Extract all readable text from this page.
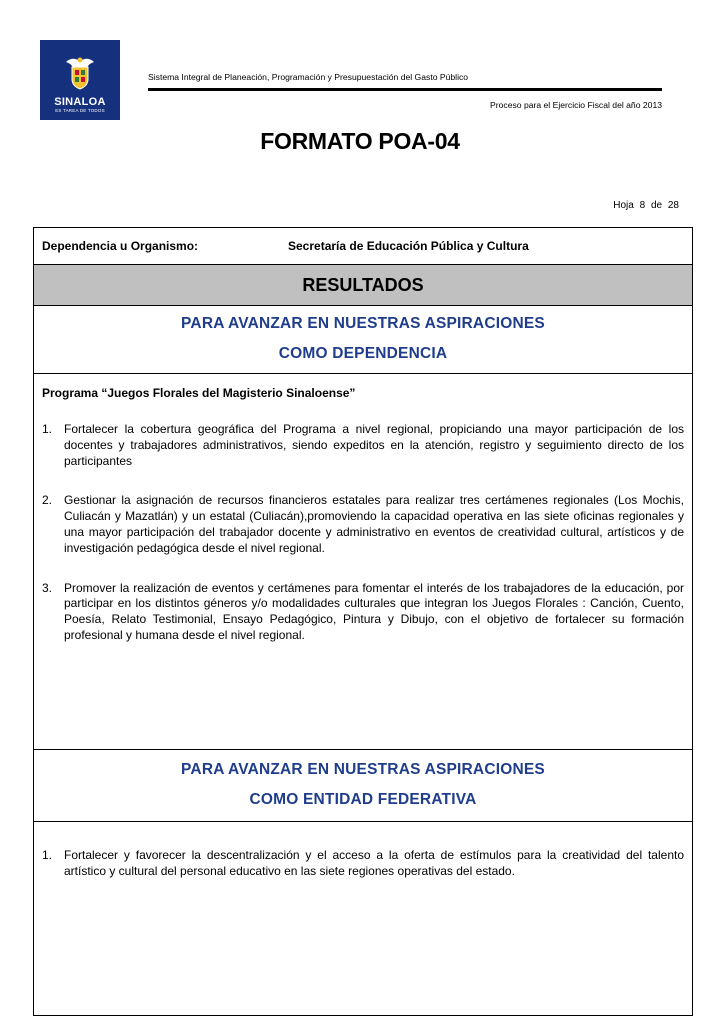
SINALOA
ES TAREA DE TODOS
Sistema Integral de Planeación, Programación y Presupuestación del Gasto Público
Proceso para el Ejercicio Fiscal del año 2013
FORMATO POA-04
Hoja 8 de 28
Dependencia u Organismo:	Secretaría de Educación Pública y Cultura
RESULTADOS
PARA AVANZAR EN NUESTRAS ASPIRACIONES
COMO DEPENDENCIA
Programa “Juegos Florales del Magisterio Sinaloense”
1. Fortalecer la cobertura geográfica del Programa a nivel regional, propiciando una mayor participación de los docentes y trabajadores administrativos, siendo expeditos en la atención, registro y seguimiento directo de los participantes
2. Gestionar la asignación de recursos financieros estatales para realizar tres certámenes regionales (Los Mochis, Culiacán y Mazatlán) y un estatal (Culiacán),promoviendo la capacidad operativa en las siete oficinas regionales y una mayor participación del trabajador docente y administrativo en eventos de creatividad cultural, artísticos y de investigación pedagógica desde el nivel regional.
3. Promover la realización de eventos y certámenes para fomentar el interés de los trabajadores de la educación, por participar en los distintos géneros y/o modalidades culturales que integran los Juegos Florales : Canción, Cuento, Poesía, Relato Testimonial, Ensayo Pedagógico, Pintura y Dibujo, con el objetivo de fortalecer su formación profesional y humana desde el nivel regional.
PARA AVANZAR EN NUESTRAS ASPIRACIONES
COMO ENTIDAD FEDERATIVA
1. Fortalecer y favorecer la descentralización y el acceso a la oferta de estímulos para la creatividad del talento artístico y cultural del personal educativo en las siete regiones operativas del estado.
